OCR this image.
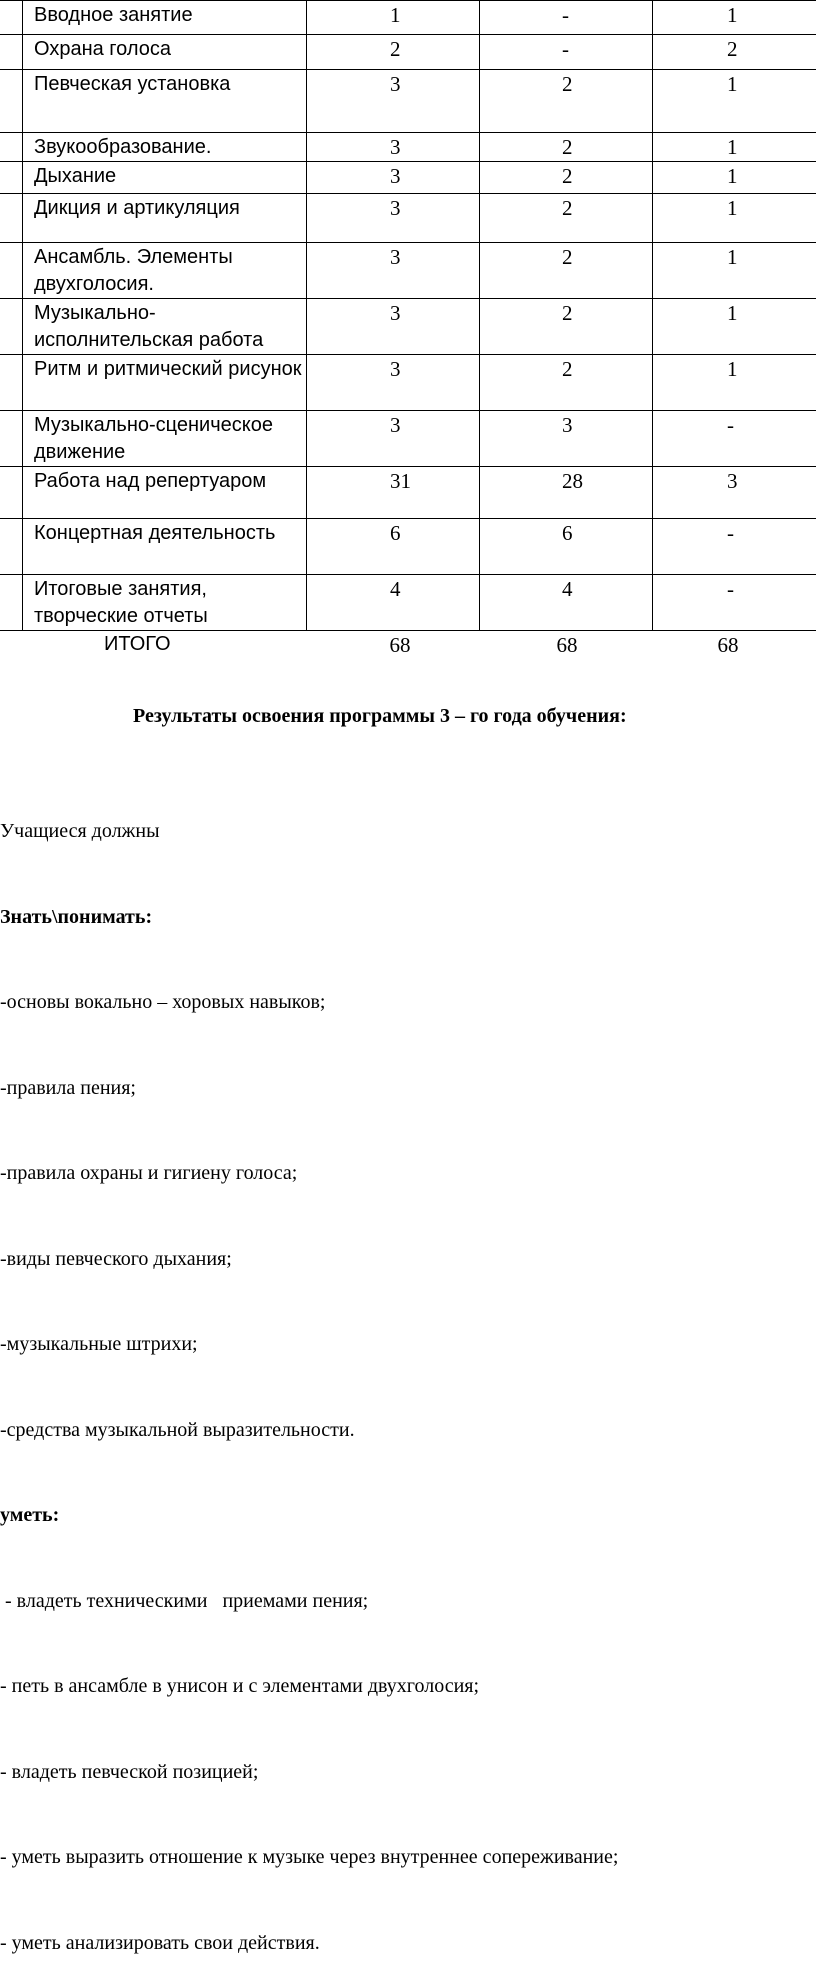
	Вводное занятие	1	-	1
	Охрана голоса	2	-	2
	Певческая установка	3	2	1
	Звукообразование.	3	2	1
	Дыхание	3	2	1
	Дикция и артикуляция	3	2	1
	Ансамбль. Элементы двухголосия.	3	2	1
	Музыкально-исполнительская работа	3	2	1
	Ритм и ритмический рисунок	3	2	1
	Музыкально-сценическое движение	3	3	-
	Работа над репертуаром	31	28	3
	Концертная деятельность	6	6	-
	Итоговые занятия, творческие отчеты	4	4	-
ИТОГО		68	68	68
Результаты освоения программы 3 – го года обучения:

Учащиеся должны

Знать\понимать:

-основы вокально – хоровых навыков;

-правила пения;

-правила охраны и гигиену голоса;

-виды певческого дыхания;

-музыкальные штрихи;

-средства музыкальной выразительности.

уметь:

- владеть техническими   приемами пения;

- петь в ансамбле в унисон и с элементами двухголосия;

- владеть певческой позицией;

- уметь выразить отношение к музыке через внутреннее сопереживание;

- уметь анализировать свои действия.
